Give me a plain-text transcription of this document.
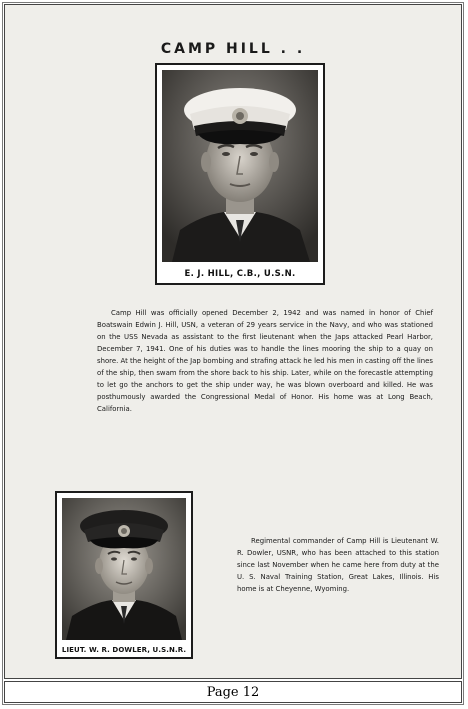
CAMP HILL . .
E. J. HILL, C.B., U.S.N.

Camp Hill was officially opened December 2, 1942 and was named in honor of Chief Boatswain Edwin J. Hill, USN, a veteran of 29 years service in the Navy, and who was stationed on the USS Nevada as assistant to the first lieutenant when the Japs attacked Pearl Harbor, December 7, 1941. One of his duties was to handle the lines mooring the ship to a quay on shore. At the height of the Jap bombing and strafing attack he led his men in casting off the lines of the ship, then swam from the shore back to his ship. Later, while on the forecastle attempting to let go the anchors to get the ship under way, he was blown overboard and killed. He was posthumously awarded the Congressional Medal of Honor. His home was at Long Beach, California.

LIEUT. W. R. DOWLER, U.S.N.R.

Regimental commander of Camp Hill is Lieutenant W. R. Dowler, USNR, who has been attached to this station since last November when he came here from duty at the U. S. Naval Training Station, Great Lakes, Illinois. His home is at Cheyenne, Wyoming.

Page 12
